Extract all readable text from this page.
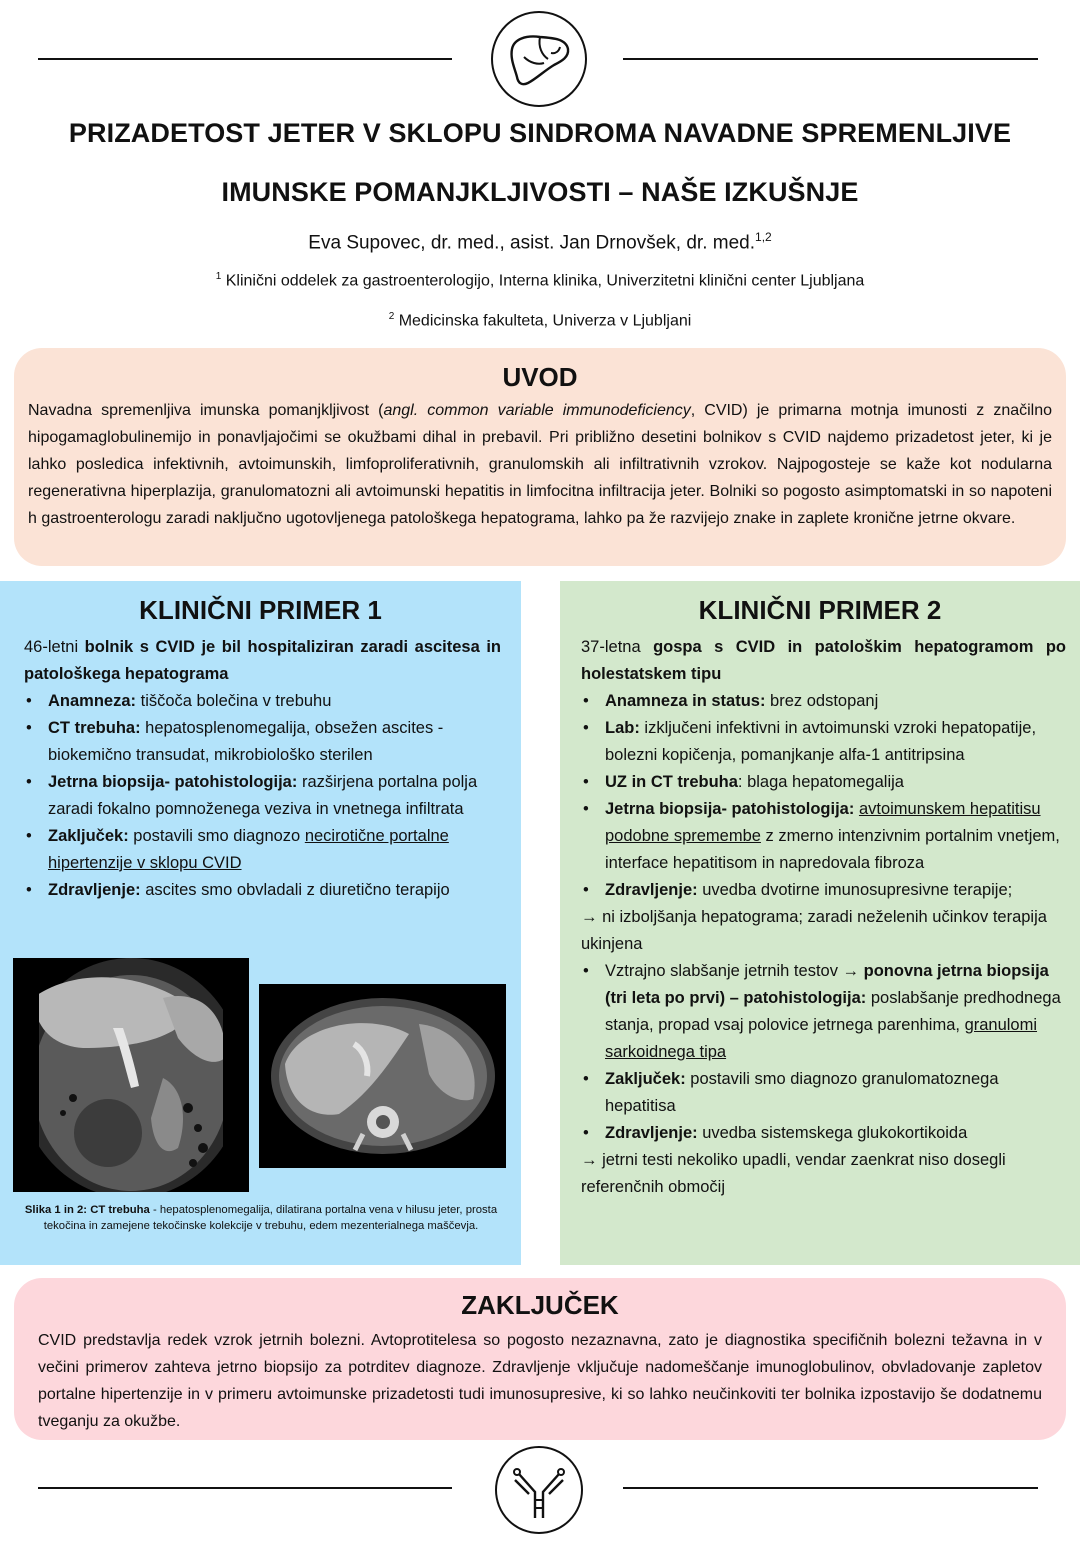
PRIZADETOST JETER V SKLOPU SINDROMA NAVADNE SPREMENLJIVE
IMUNSKE POMANJKLJIVOSTI – NAŠE IZKUŠNJE
Eva Supovec, dr. med., asist. Jan Drnovšek, dr. med.$^{1,2}$
$^1$ Klinični oddelek za gastroenterologijo, Interna klinika, Univerzitetni klinični center Ljubljana
$^2$ Medicinska fakulteta, Univerza v Ljubljani
UVOD
Navadna spremenljiva imunska pomanjkljivost (angl. common variable immunodeficiency, CVID) je primarna motnja imunosti z značilno hipogamaglobulinemijo in ponavljajočimi se okužbami dihal in prebavil. Pri približno desetini bolnikov s CVID najdemo prizadetost jeter, ki je lahko posledica infektivnih, avtoimunskih, limfoproliferativnih, granulomskih ali infiltrativnih vzrokov. Najpogosteje se kaže kot nodularna regenerativna hiperplazija, granulomatozni ali avtoimunski hepatitis in limfocitna infiltracija jeter. Bolniki so pogosto asimptomatski in so napoteni h gastroenterologu zaradi naključno ugotovljenega patološkega hepatograma, lahko pa že razvijejo znake in zaplete kronične jetrne okvare.
KLINIČNI PRIMER 1
46-letni bolnik s CVID je bil hospitaliziran zaradi ascitesa in patološkega hepatograma
• Anamneza: tiščoča bolečina v trebuhu
• CT trebuha: hepatosplenomegalija, obsežen ascites - biokemično transudat, mikrobiološko sterilen
• Jetrna biopsija- patohistologija: razširjena portalna polja zaradi fokalno pomnoženega veziva in vnetnega infiltrata
• Zaključek: postavili smo diagnozo neciroti​čne portalne hipertenzije v sklopu CVID
• Zdravljenje: ascites smo obvladali z diuretično terapijo
Slika 1 in 2: CT trebuha - hepatosplenomegalija, dilatirana portalna vena v hilusu jeter, prosta tekočina in zamejene tekočinske kolekcije v trebuhu, edem mezenterialnega maščevja.
KLINIČNI PRIMER 2
37-letna gospa s CVID in patološkim hepatogramom po holestatskem tipu
• Anamneza in status: brez odstopanj
• Lab: izključeni infektivni in avtoimunski vzroki hepatopatije, bolezni kopičenja, pomanjkanje alfa-1 antitripsina
• UZ in CT trebuha: blaga hepatomegalija
• Jetrna biopsija- patohistologija: avtoimunskem hepatitisu podobne spremembe z zmerno intenzivnim portalnim vnetjem, interface hepatitisom in napredovala fibroza
• Zdravljenje: uvedba dvotirne imunosupresivne terapije;
→ ni izboljšanja hepatograma; zaradi neželenih učinkov terapija ukinjena
• Vztrajno slabšanje jetrnih testov → ponovna jetrna biopsija (tri leta po prvi) – patohistologija: poslabšanje predhodnega stanja, propad vsaj polovice jetrnega parenhima, granulomi sarkoidnega tipa
• Zaključek: postavili smo diagnozo granulomatoznega hepatitisa
• Zdravljenje: uvedba sistemskega glukokortikoida
→ jetrni testi nekoliko upadli, vendar zaenkrat niso dosegli referenčnih območij
ZAKLJUČEK
CVID predstavlja redek vzrok jetrnih bolezni. Avtoprotitelesa so pogosto nezaznavna, zato je diagnostika specifičnih bolezni težavna in v večini primerov zahteva jetrno biopsijo za potrditev diagnoze. Zdravljenje vključuje nadomeščanje imunoglobulinov, obvladovanje zapletov portalne hipertenzije in v primeru avtoimunske prizadetosti tudi imunosupresive, ki so lahko neučinkoviti ter bolnika izpostavijo še dodatnemu tveganju za okužbe.
